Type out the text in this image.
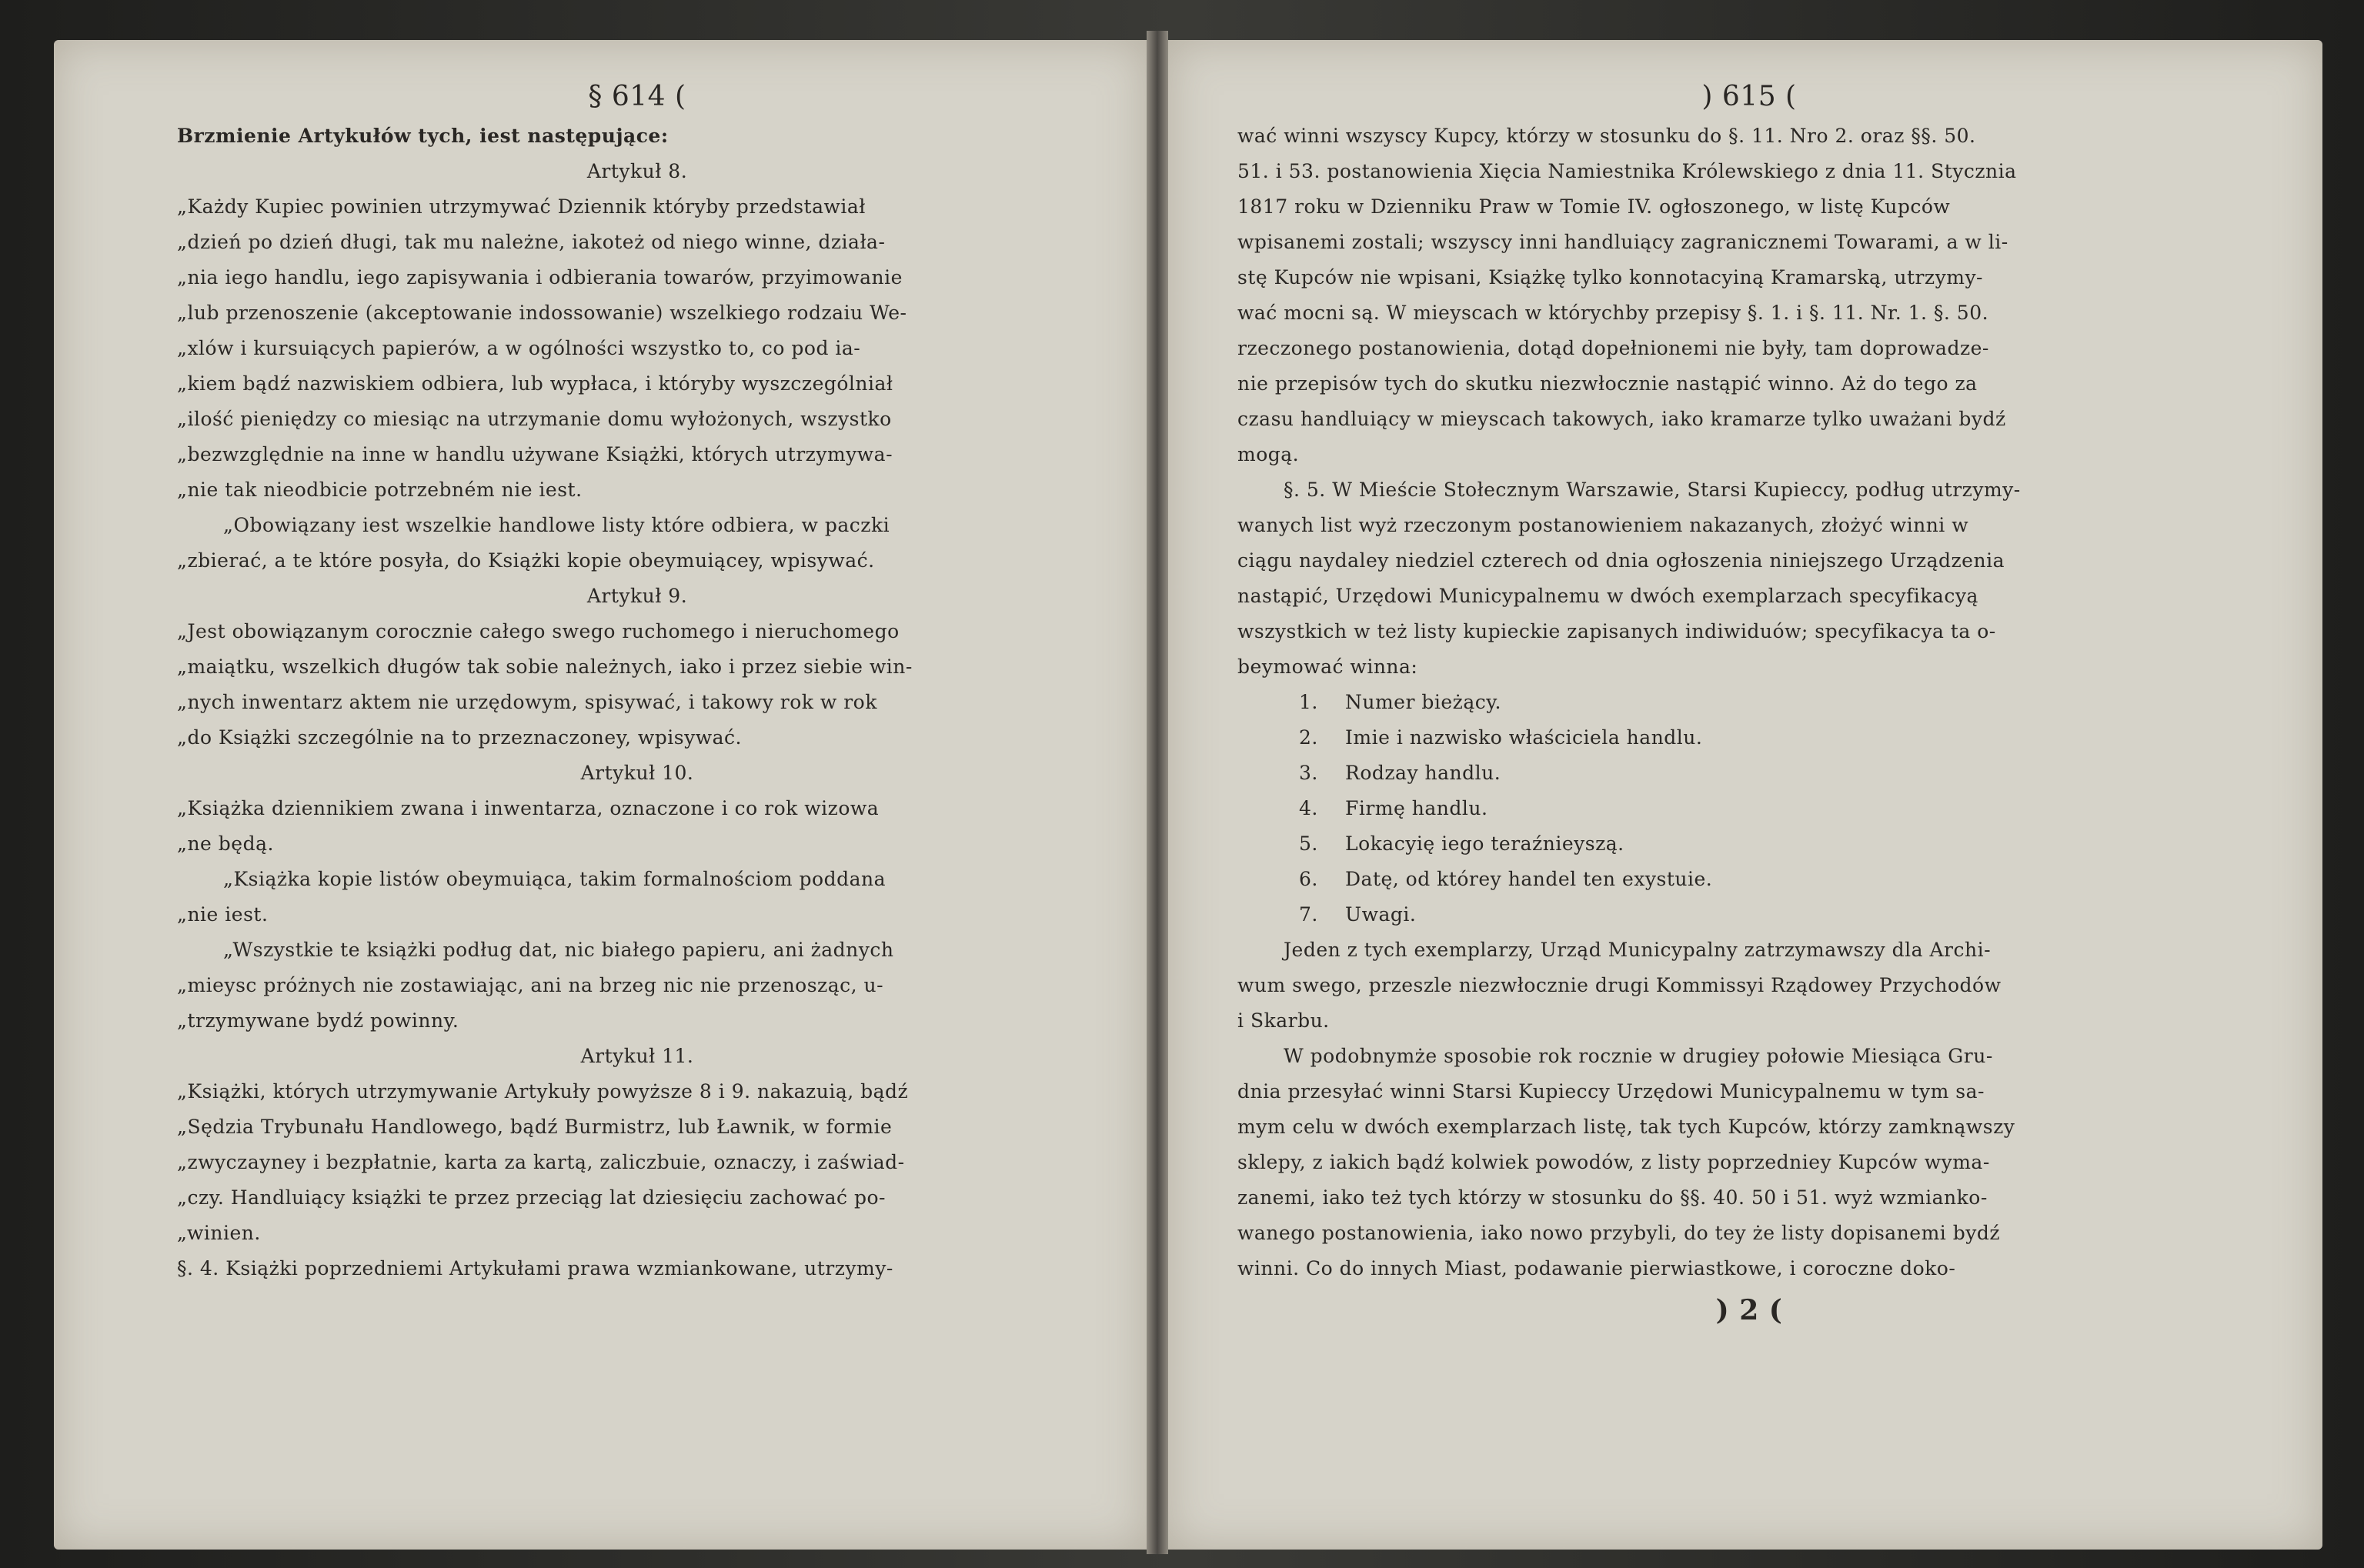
§ 614 (
Brzmienie Artykułów tych, iest następujące:
Artykuł 8.
„Każdy Kupiec powinien utrzymywać Dziennik któryby przedstawiał
„dzień po dzień długi, tak mu należne, iakoteż od niego winne, działa-
„nia iego handlu, iego zapisywania i odbierania towarów, przyimowanie
„lub przenoszenie (akceptowanie indossowanie) wszelkiego rodzaiu We-
„xlów i kursuiących papierów, a w ogólności wszystko to, co pod ia-
„kiem bądź nazwiskiem odbiera, lub wypłaca, i któryby wyszczególniał
„ilość pieniędzy co miesiąc na utrzymanie domu wyłożonych, wszystko
„bezwzględnie na inne w handlu używane Książki, których utrzymywa-
„nie tak nieodbicie potrzebném nie iest.
„Obowiązany iest wszelkie handlowe listy które odbiera, w paczki
„zbierać, a te które posyła, do Książki kopie obeymuiącey, wpisywać.
Artykuł 9.
„Jest obowiązanym corocznie całego swego ruchomego i nieruchomego
„maiątku, wszelkich długów tak sobie należnych, iako i przez siebie win-
„nych inwentarz aktem nie urzędowym, spisywać, i takowy rok w rok
„do Książki szczególnie na to przeznaczoney, wpisywać.
Artykuł 10.
„Książka dziennikiem zwana i inwentarza, oznaczone i co rok wizowa
„ne będą.
„Książka kopie listów obeymuiąca, takim formalnościom poddana
„nie iest.
„Wszystkie te książki podług dat, nic białego papieru, ani żadnych
„mieysc próżnych nie zostawiając, ani na brzeg nic nie przenosząc, u-
„trzymywane bydź powinny.
Artykuł 11.
„Książki, których utrzymywanie Artykuły powyższe 8 i 9. nakazuią, bądź
„Sędzia Trybunału Handlowego, bądź Burmistrz, lub Ławnik, w formie
„zwyczayney i bezpłatnie, karta za kartą, zaliczbuie, oznaczy, i zaświad-
„czy. Handluiący książki te przez przeciąg lat dziesięciu zachować po-
„winien.
§. 4. Książki poprzedniemi Artykułami prawa wzmiankowane, utrzymy-
) 615 (
wać winni wszyscy Kupcy, którzy w stosunku do §. 11. Nro 2. oraz §§. 50.
51. i 53. postanowienia Xięcia Namiestnika Królewskiego z dnia 11. Stycznia
1817 roku w Dzienniku Praw w Tomie IV. ogłoszonego, w listę Kupców
wpisanemi zostali; wszyscy inni handluiący zagranicznemi Towarami, a w li-
stę Kupców nie wpisani, Książkę tylko konnotacyiną Kramarską, utrzymy-
wać mocni są. W mieyscach w którychby przepisy §. 1. i §. 11. Nr. 1. §. 50.
rzeczonego postanowienia, dotąd dopełnionemi nie były, tam doprowadze-
nie przepisów tych do skutku niezwłocznie nastąpić winno. Aż do tego za
czasu handluiący w mieyscach takowych, iako kramarze tylko uważani bydź
mogą.
§. 5. W Mieście Stołecznym Warszawie, Starsi Kupieccy, podług utrzymy-
wanych list wyż rzeczonym postanowieniem nakazanych, złożyć winni w
ciągu naydaley niedziel czterech od dnia ogłoszenia niniejszego Urządzenia
nastąpić, Urzędowi Municypalnemu w dwóch exemplarzach specyfikacyą
wszystkich w też listy kupieckie zapisanych indiwiduów; specyfikacya ta o-
beymować winna:
1. Numer bieżący.
2. Imie i nazwisko właściciela handlu.
3. Rodzay handlu.
4. Firmę handlu.
5. Lokacyię iego teraźnieyszą.
6. Datę, od którey handel ten exystuie.
7. Uwagi.
Jeden z tych exemplarzy, Urząd Municypalny zatrzymawszy dla Archi-
wum swego, przeszle niezwłocznie drugi Kommissyi Rządowey Przychodów
i Skarbu.
W podobnymże sposobie rok rocznie w drugiey połowie Miesiąca Gru-
dnia przesyłać winni Starsi Kupieccy Urzędowi Municypalnemu w tym sa-
mym celu w dwóch exemplarzach listę, tak tych Kupców, którzy zamknąwszy
sklepy, z iakich bądź kolwiek powodów, z listy poprzedniey Kupców wyma-
zanemi, iako też tych którzy w stosunku do §§. 40. 50 i 51. wyż wzmianko-
wanego postanowienia, iako nowo przybyli, do tey że listy dopisanemi bydź
winni. Co do innych Miast, podawanie pierwiastkowe, i coroczne doko-
) 2 (
